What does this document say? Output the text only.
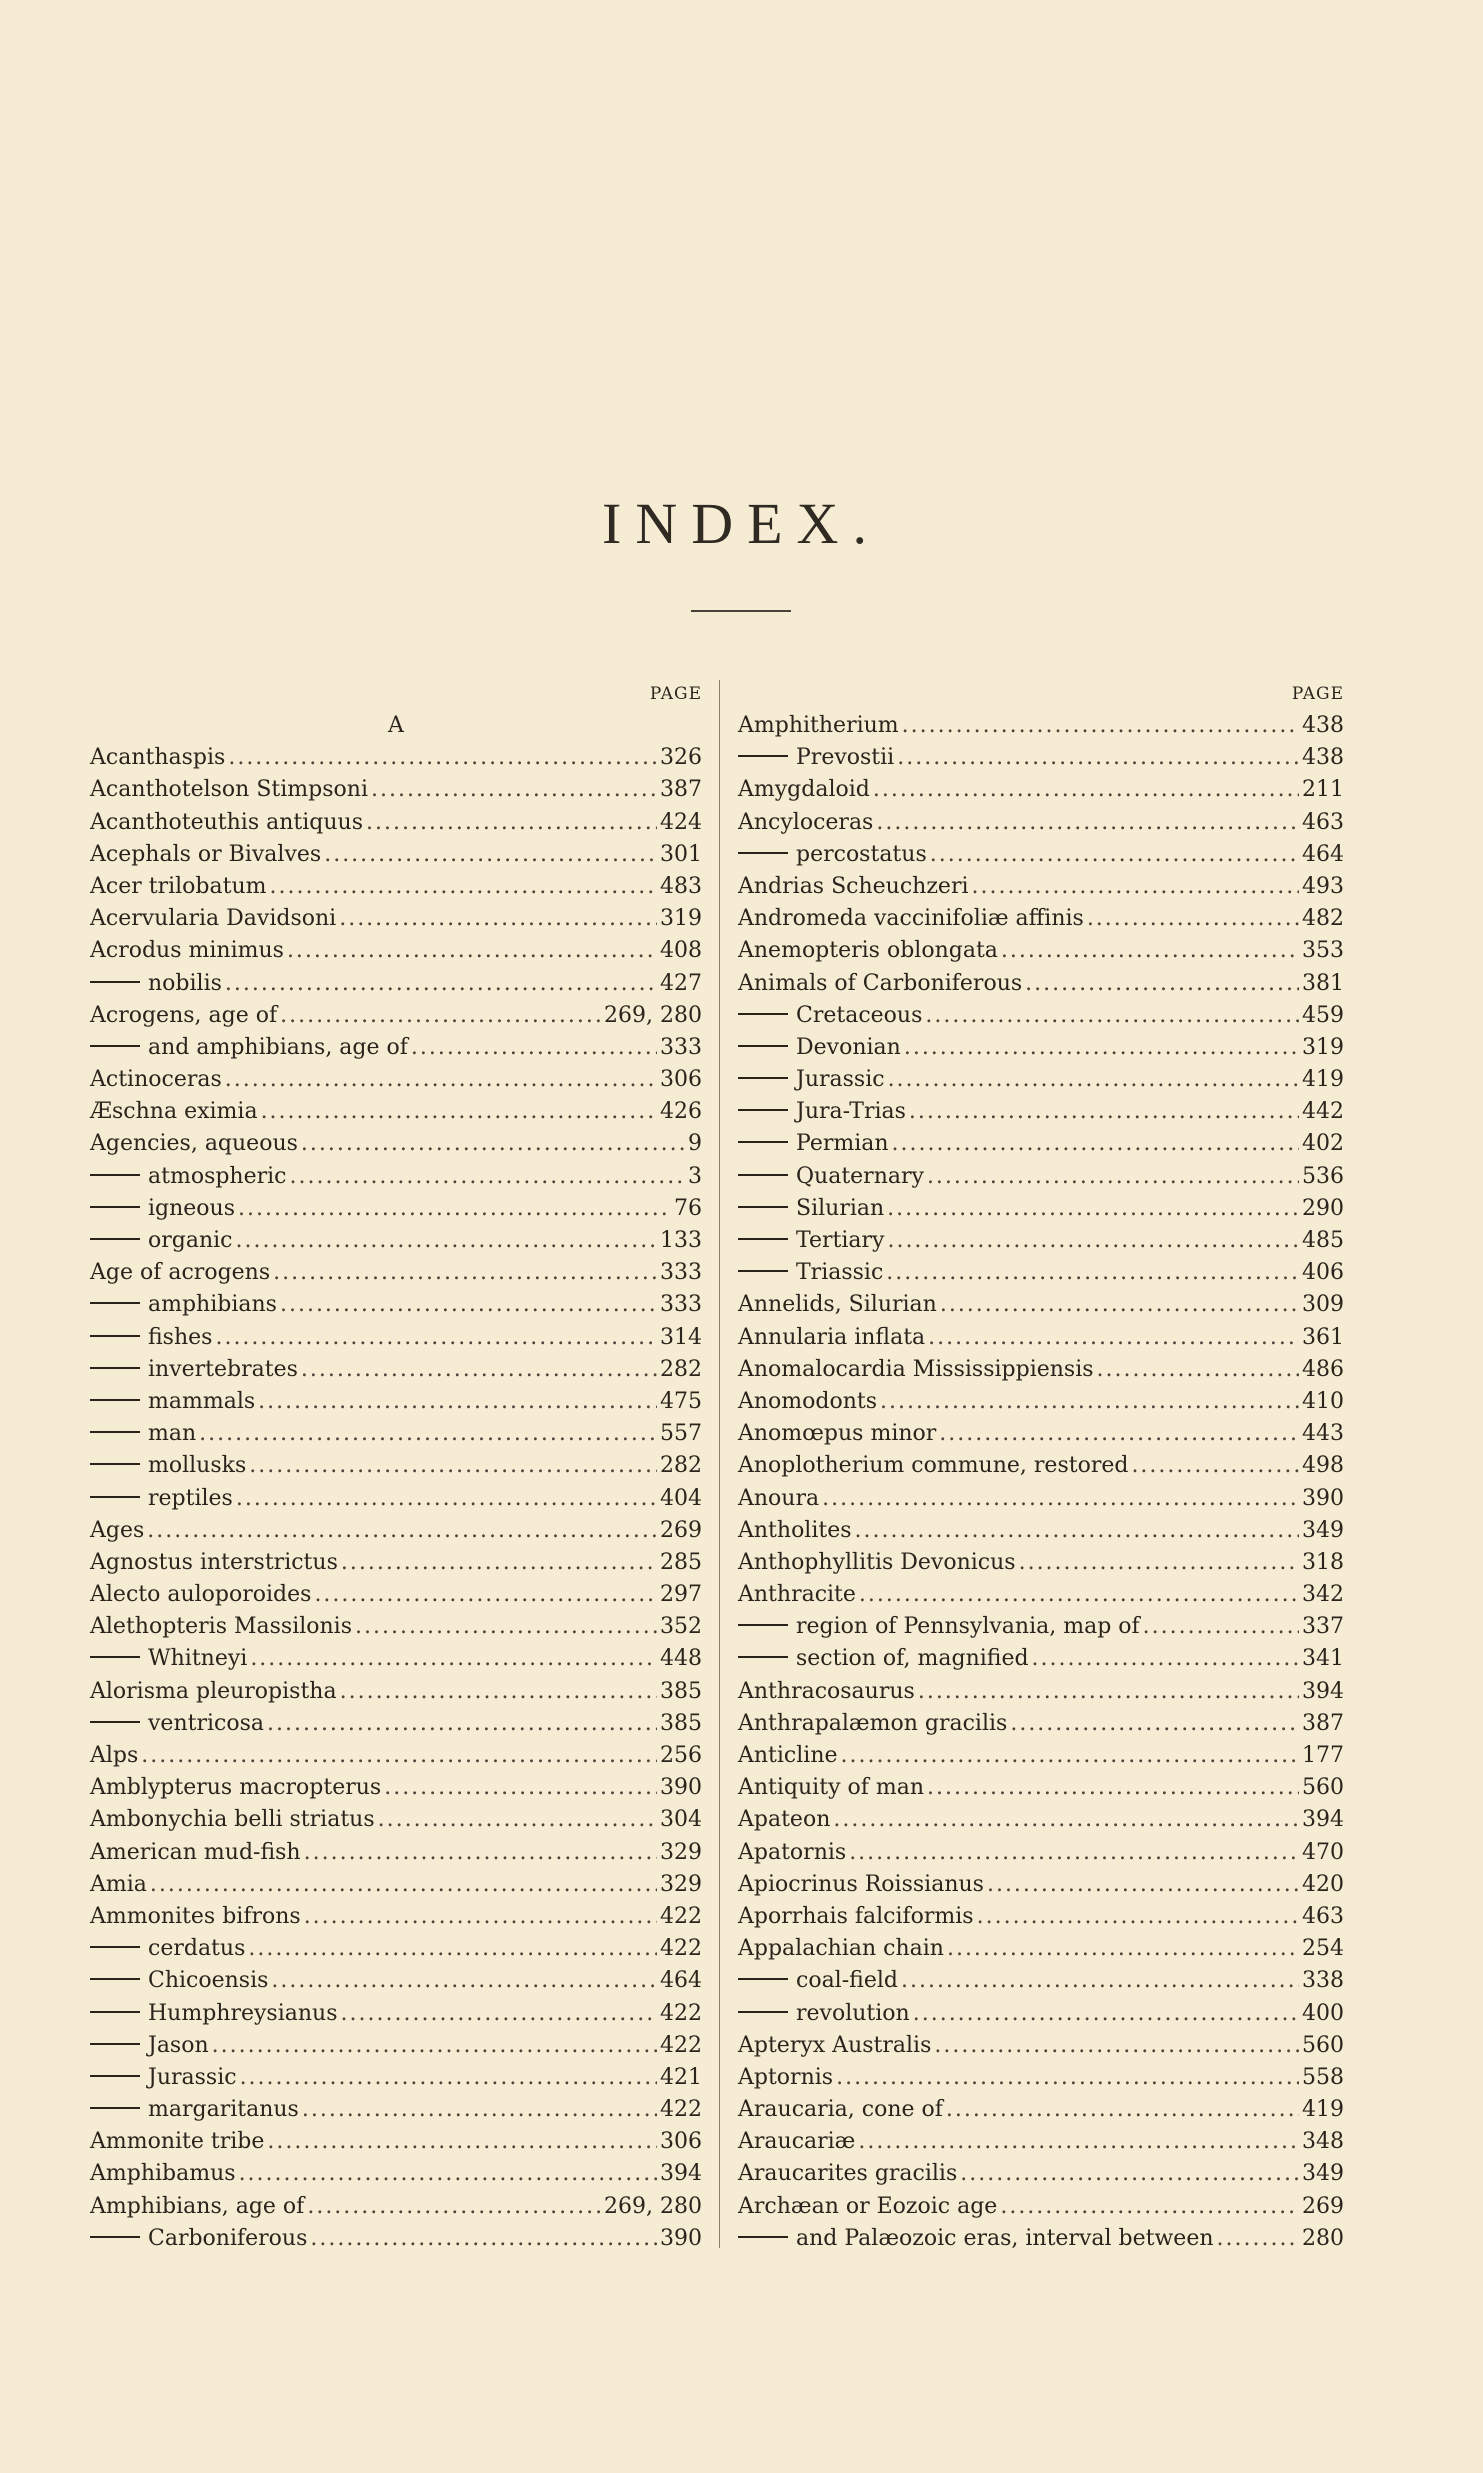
INDEX.
PAGE
A
Acanthaspis .....	326
Acanthotelson Stimpsoni .....	387
Acanthoteuthis antiquus .....	424
Acephals or Bivalves .....	301
Acer trilobatum .....	483
Acervularia Davidsoni .....	319
Acrodus minimus .....	408
nobilis .....	427
Acrogens, age of .....	269, 280
and amphibians, age of .....	333
Actinoceras .....	306
Æschna eximia .....	426
Agencies, aqueous .....	9
atmospheric .....	3
igneous .....	76
organic .....	133
Age of acrogens .....	333
amphibians .....	333
fishes .....	314
invertebrates .....	282
mammals .....	475
man .....	557
mollusks .....	282
reptiles .....	404
Ages .....	269
Agnostus interstrictus .....	285
Alecto auloporoides .....	297
Alethopteris Massilonis .....	352
Whitneyi .....	448
Alorisma pleuropistha .....	385
ventricosa .....	385
Alps .....	256
Amblypterus macropterus .....	390
Ambonychia belli striatus .....	304
American mud-fish .....	329
Amia .....	329
Ammonites bifrons .....	422
cerdatus .....	422
Chicoensis .....	464
Humphreysianus .....	422
Jason .....	422
Jurassic .....	421
margaritanus .....	422
Ammonite tribe .....	306
Amphibamus .....	394
Amphibians, age of .....	269, 280
Carboniferous .....	390
PAGE
Amphitherium .....	438
Prevostii .....	438
Amygdaloid .....	211
Ancyloceras .....	463
percostatus .....	464
Andrias Scheuchzeri .....	493
Andromeda vaccinifoliæ affinis .....	482
Anemopteris oblongata .....	353
Animals of Carboniferous .....	381
Cretaceous .....	459
Devonian .....	319
Jurassic .....	419
Jura-Trias .....	442
Permian .....	402
Quaternary .....	536
Silurian .....	290
Tertiary .....	485
Triassic .....	406
Annelids, Silurian .....	309
Annularia inflata .....	361
Anomalocardia Mississippiensis .....	486
Anomodonts .....	410
Anomœpus minor .....	443
Anoplotherium commune, restored .....	498
Anoura .....	390
Antholites .....	349
Anthophyllitis Devonicus .....	318
Anthracite .....	342
region of Pennsylvania, map of .....	337
section of, magnified .....	341
Anthracosaurus .....	394
Anthrapalæmon gracilis .....	387
Anticline .....	177
Antiquity of man .....	560
Apateon .....	394
Apatornis .....	470
Apiocrinus Roissianus .....	420
Aporrhais falciformis .....	463
Appalachian chain .....	254
coal-field .....	338
revolution .....	400
Apteryx Australis .....	560
Aptornis .....	558
Araucaria, cone of .....	419
Araucariæ .....	348
Araucarites gracilis .....	349
Archæan or Eozoic age .....	269
and Palæozoic eras, interval between .....	280
